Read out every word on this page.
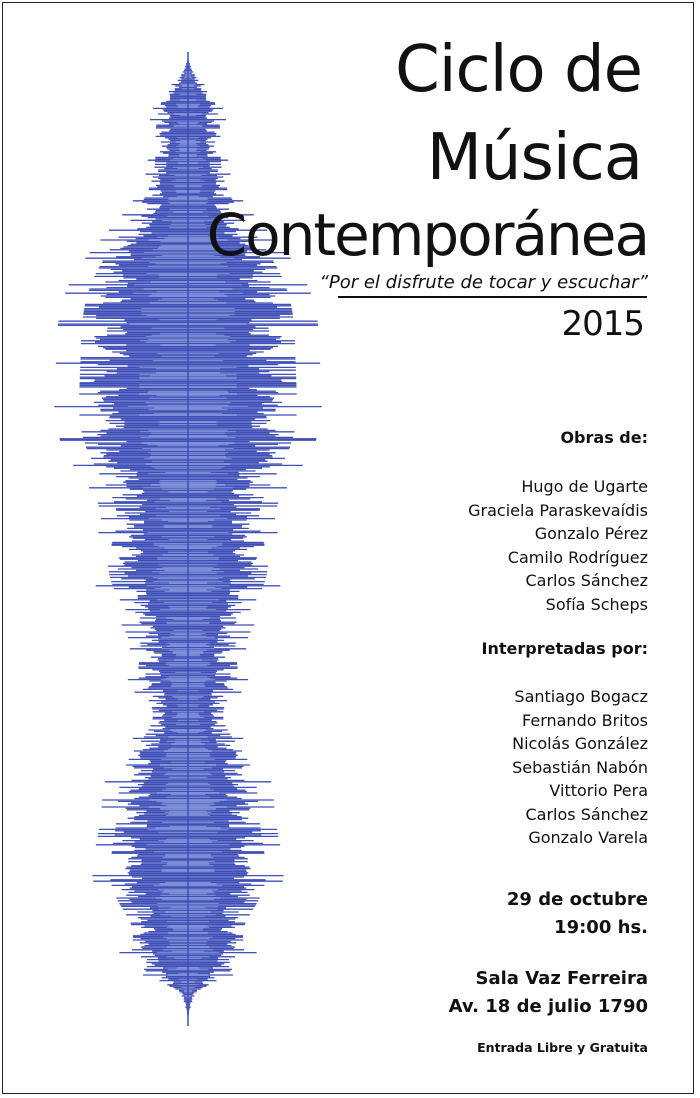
Ciclo de
Música
Contemporánea
“Por el disfrute de tocar y escuchar”
2015
Obras de:
Hugo de Ugarte
Graciela Paraskevaídis
Gonzalo Pérez
Camilo Rodríguez
Carlos Sánchez
Sofía Scheps
Interpretadas por:
Santiago Bogacz
Fernando Britos
Nicolás González
Sebastián Nabón
Vittorio Pera
Carlos Sánchez
Gonzalo Varela
29 de octubre
19:00 hs.
Sala Vaz Ferreira
Av. 18 de julio 1790
Entrada Libre y Gratuita
